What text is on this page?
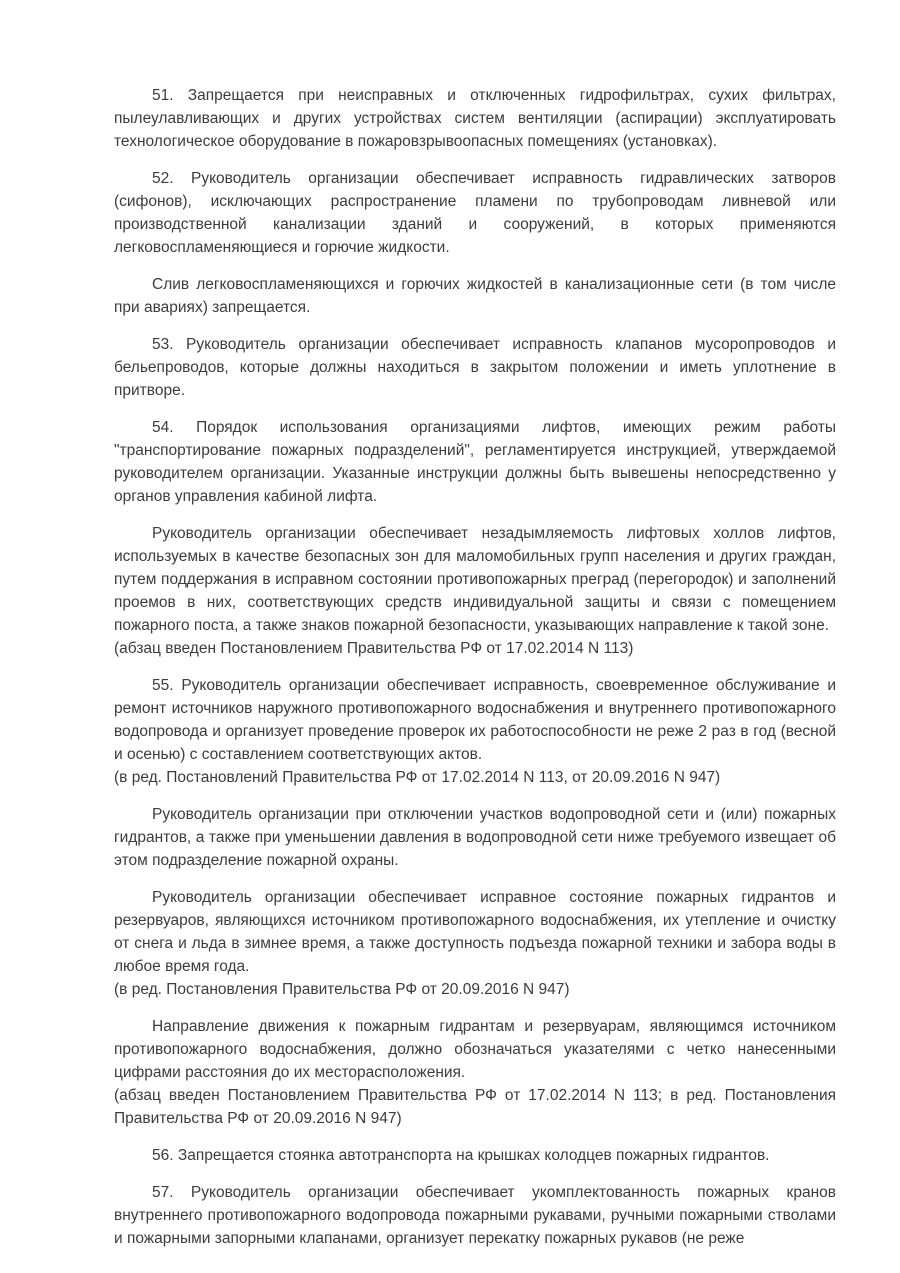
51. Запрещается при неисправных и отключенных гидрофильтрах, сухих фильтрах, пылеулавливающих и других устройствах систем вентиляции (аспирации) эксплуатировать технологическое оборудование в пожаровзрывоопасных помещениях (установках).

52. Руководитель организации обеспечивает исправность гидравлических затворов (сифонов), исключающих распространение пламени по трубопроводам ливневой или производственной канализации зданий и сооружений, в которых применяются легковоспламеняющиеся и горючие жидкости.

Слив легковоспламеняющихся и горючих жидкостей в канализационные сети (в том числе при авариях) запрещается.

53. Руководитель организации обеспечивает исправность клапанов мусоропроводов и бельепроводов, которые должны находиться в закрытом положении и иметь уплотнение в притворе.

54. Порядок использования организациями лифтов, имеющих режим работы "транспортирование пожарных подразделений", регламентируется инструкцией, утверждаемой руководителем организации. Указанные инструкции должны быть вывешены непосредственно у органов управления кабиной лифта.

Руководитель организации обеспечивает незадымляемость лифтовых холлов лифтов, используемых в качестве безопасных зон для маломобильных групп населения и других граждан, путем поддержания в исправном состоянии противопожарных преград (перегородок) и заполнений проемов в них, соответствующих средств индивидуальной защиты и связи с помещением пожарного поста, а также знаков пожарной безопасности, указывающих направление к такой зоне.

(абзац введен Постановлением Правительства РФ от 17.02.2014 N 113)

55. Руководитель организации обеспечивает исправность, своевременное обслуживание и ремонт источников наружного противопожарного водоснабжения и внутреннего противопожарного водопровода и организует проведение проверок их работоспособности не реже 2 раз в год (весной и осенью) с составлением соответствующих актов.

(в ред. Постановлений Правительства РФ от 17.02.2014 N 113, от 20.09.2016 N 947)

Руководитель организации при отключении участков водопроводной сети и (или) пожарных гидрантов, а также при уменьшении давления в водопроводной сети ниже требуемого извещает об этом подразделение пожарной охраны.

Руководитель организации обеспечивает исправное состояние пожарных гидрантов и резервуаров, являющихся источником противопожарного водоснабжения, их утепление и очистку от снега и льда в зимнее время, а также доступность подъезда пожарной техники и забора воды в любое время года.

(в ред. Постановления Правительства РФ от 20.09.2016 N 947)

Направление движения к пожарным гидрантам и резервуарам, являющимся источником противопожарного водоснабжения, должно обозначаться указателями с четко нанесенными цифрами расстояния до их месторасположения.

(абзац введен Постановлением Правительства РФ от 17.02.2014 N 113; в ред. Постановления Правительства РФ от 20.09.2016 N 947)

56. Запрещается стоянка автотранспорта на крышках колодцев пожарных гидрантов.

57. Руководитель организации обеспечивает укомплектованность пожарных кранов внутреннего противопожарного водопровода пожарными рукавами, ручными пожарными стволами и пожарными запорными клапанами, организует перекатку пожарных рукавов (не реже
